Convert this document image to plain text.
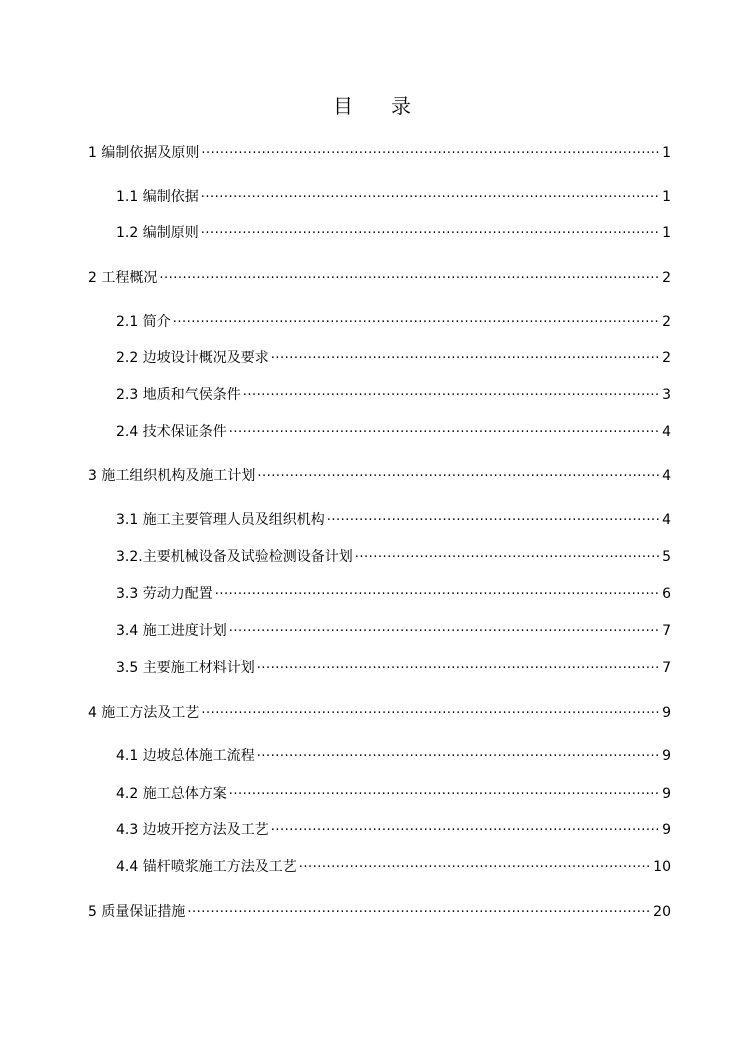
目 录
1 编制依据及原则 .....	1
1.1 编制依据 .....	1
1.2 编制原则 .....	1
2 工程概况 .....	2
2.1 简介 .....	2
2.2 边坡设计概况及要求 .....	2
2.3 地质和气侯条件 .....	3
2.4 技术保证条件 .....	4
3 施工组织机构及施工计划 .....	4
3.1 施工主要管理人员及组织机构 .....	4
3.2.主要机械设备及试验检测设备计划 .....	5
3.3 劳动力配置 .....	6
3.4 施工进度计划 .....	7
3.5 主要施工材料计划 .....	7
4 施工方法及工艺 .....	9
4.1 边坡总体施工流程 .....	9
4.2 施工总体方案 .....	9
4.3 边坡开挖方法及工艺 .....	9
4.4 锚杆喷浆施工方法及工艺 .....	10
5 质量保证措施 .....	20
